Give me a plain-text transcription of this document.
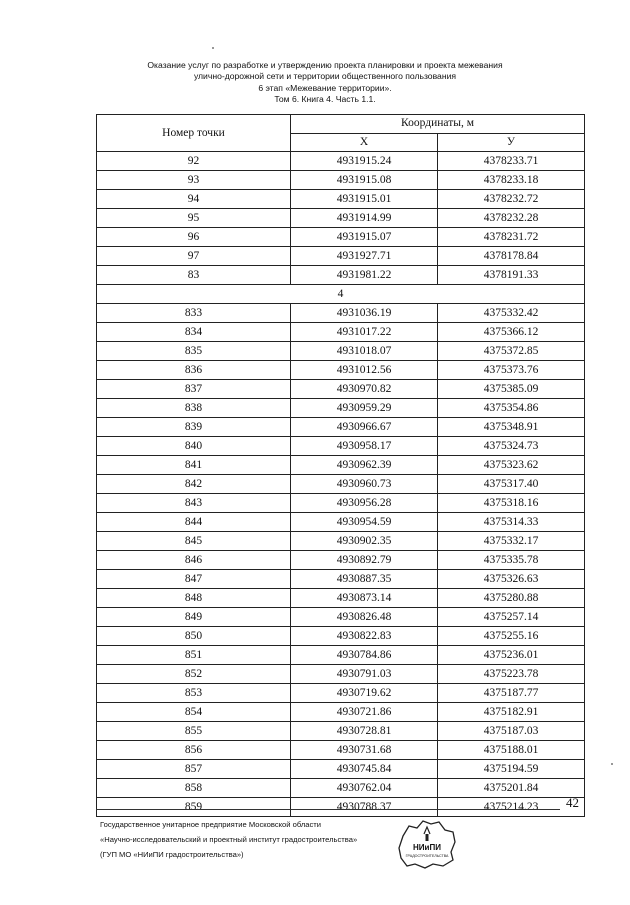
Оказание услуг по разработке и утверждению проекта планировки и проекта межевания
улично-дорожной сети и территории общественного пользования
6 этап «Межевание территории».
Том 6. Книга 4. Часть 1.1.
Номер точки	Координаты, м	
	X	У
92	4931915.24	4378233.71
93	4931915.08	4378233.18
94	4931915.01	4378232.72
95	4931914.99	4378232.28
96	4931915.07	4378231.72
97	4931927.71	4378178.84
83	4931981.22	4378191.33
4		
833	4931036.19	4375332.42
834	4931017.22	4375366.12
835	4931018.07	4375372.85
836	4931012.56	4375373.76
837	4930970.82	4375385.09
838	4930959.29	4375354.86
839	4930966.67	4375348.91
840	4930958.17	4375324.73
841	4930962.39	4375323.62
842	4930960.73	4375317.40
843	4930956.28	4375318.16
844	4930954.59	4375314.33
845	4930902.35	4375332.17
846	4930892.79	4375335.78
847	4930887.35	4375326.63
848	4930873.14	4375280.88
849	4930826.48	4375257.14
850	4930822.83	4375255.16
851	4930784.86	4375236.01
852	4930791.03	4375223.78
853	4930719.62	4375187.77
854	4930721.86	4375182.91
855	4930728.81	4375187.03
856	4930731.68	4375188.01
857	4930745.84	4375194.59
858	4930762.04	4375201.84
859	4930788.37	4375214.23 42
Государственное унитарное предприятие Московской области
«Научно-исследовательский и проектный институт градостроительства»
(ГУП МО «НИиПИ градостроительства»)
НИиПИ
ГРАДОСТРОИТЕЛЬСТВА
